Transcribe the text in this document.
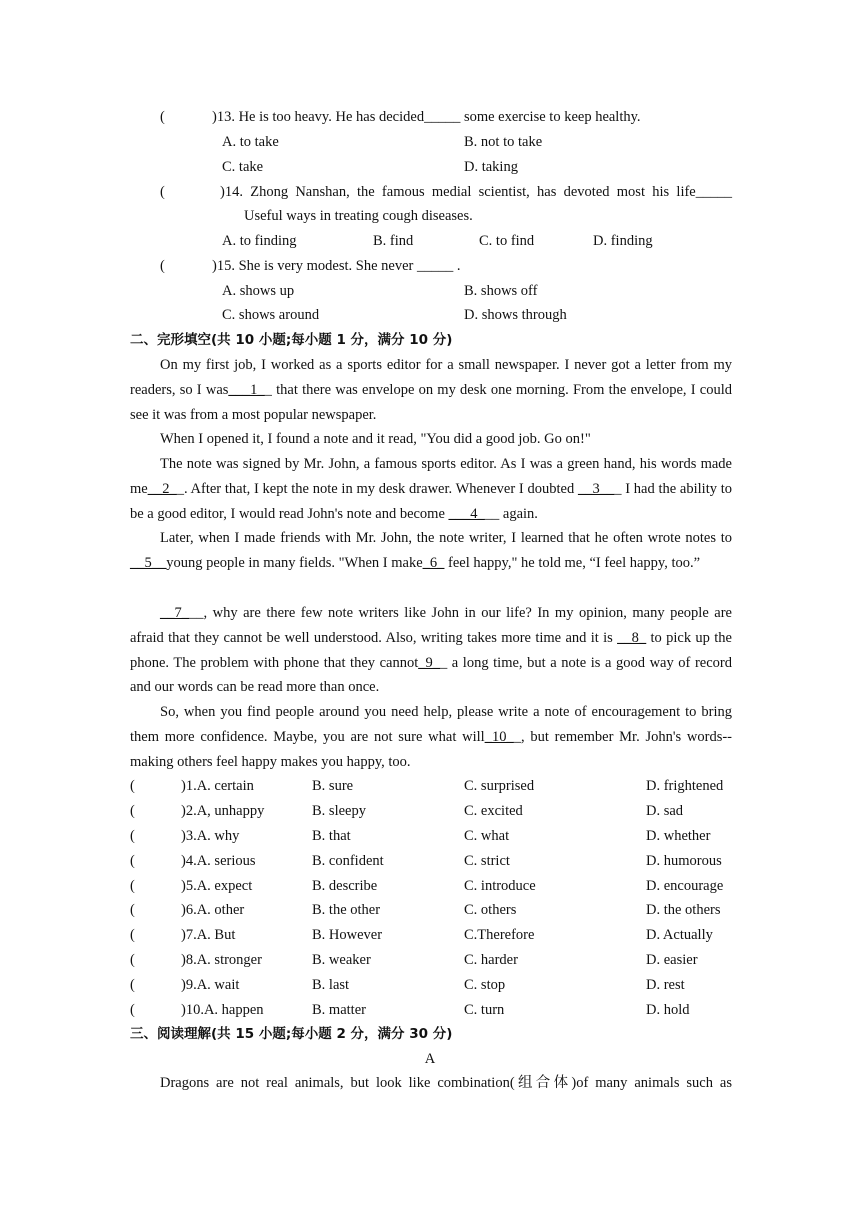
(	)13. He is too heavy. He has decided_____ some exercise to keep healthy.
A. to take	B. not to take
C. take	D. taking
(	)14. Zhong Nanshan, the famous medial scientist, has devoted most his life_____
Useful ways in treating cough diseases.
A. to finding	B. find	C. to find	D. finding
(	)15. She is very modest. She never _____ .
A. shows up	B. shows off
C. shows around	D. shows through
二、完形填空(共 10 小题;每小题 1 分，满分 10 分)
On my first job, I worked as a sports editor for a small newspaper. I never got a letter from my readers, so I was___1__ that there was envelope on my desk one morning. From the envelope, I could see it was from a most popular newspaper.
When I opened it, I found a note and it read, "You did a good job. Go on!"
The note was signed by Mr. John, a famous sports editor. As I was a green hand, his words made me__2__. After that, I kept the note in my desk drawer. Whenever I doubted __3___ I had the ability to be a good editor, I would read John's note and become ___4___ again.
Later, when I made friends with Mr. John, the note writer, I learned that he often wrote notes to __5__young people in many fields. "When I make_6_ feel happy," he told me, “I feel happy, too.”
__7___, why are there few note writers like John in our life? In my opinion, many people are afraid that they cannot be well understood. Also, writing takes more time and it is __8_ to pick up the phone. The problem with phone that they cannot_9__ a long time, but a note is a good way of record and our words can be read more than once.
So, when you find people around you need help, please write a note of encouragement to bring them more confidence. Maybe, you are not sure what will_10__, but remember Mr. John's words--making others feel happy makes you happy, too.
(	)1.A. certain	B. sure	C. surprised	D. frightened
(	)2.A, unhappy	B. sleepy	C. excited	D. sad
(	)3.A. why	B. that	C. what	D. whether
(	)4.A. serious	B. confident	C. strict	D. humorous
(	)5.A. expect	B. describe	C. introduce	D. encourage
(	)6.A. other	B. the other	C. others	D. the others
(	)7.A. But	B. However	C.Therefore	D. Actually
(	)8.A. stronger	B. weaker	C. harder	D. easier
(	)9.A. wait	B. last	C. stop	D. rest
(	)10.A. happen	B. matter	C. turn	D. hold
三、阅读理解(共 15 小题;每小题 2 分，满分 30 分)
A
Dragons are not real animals, but look like combination(组合体)of many animals such as
